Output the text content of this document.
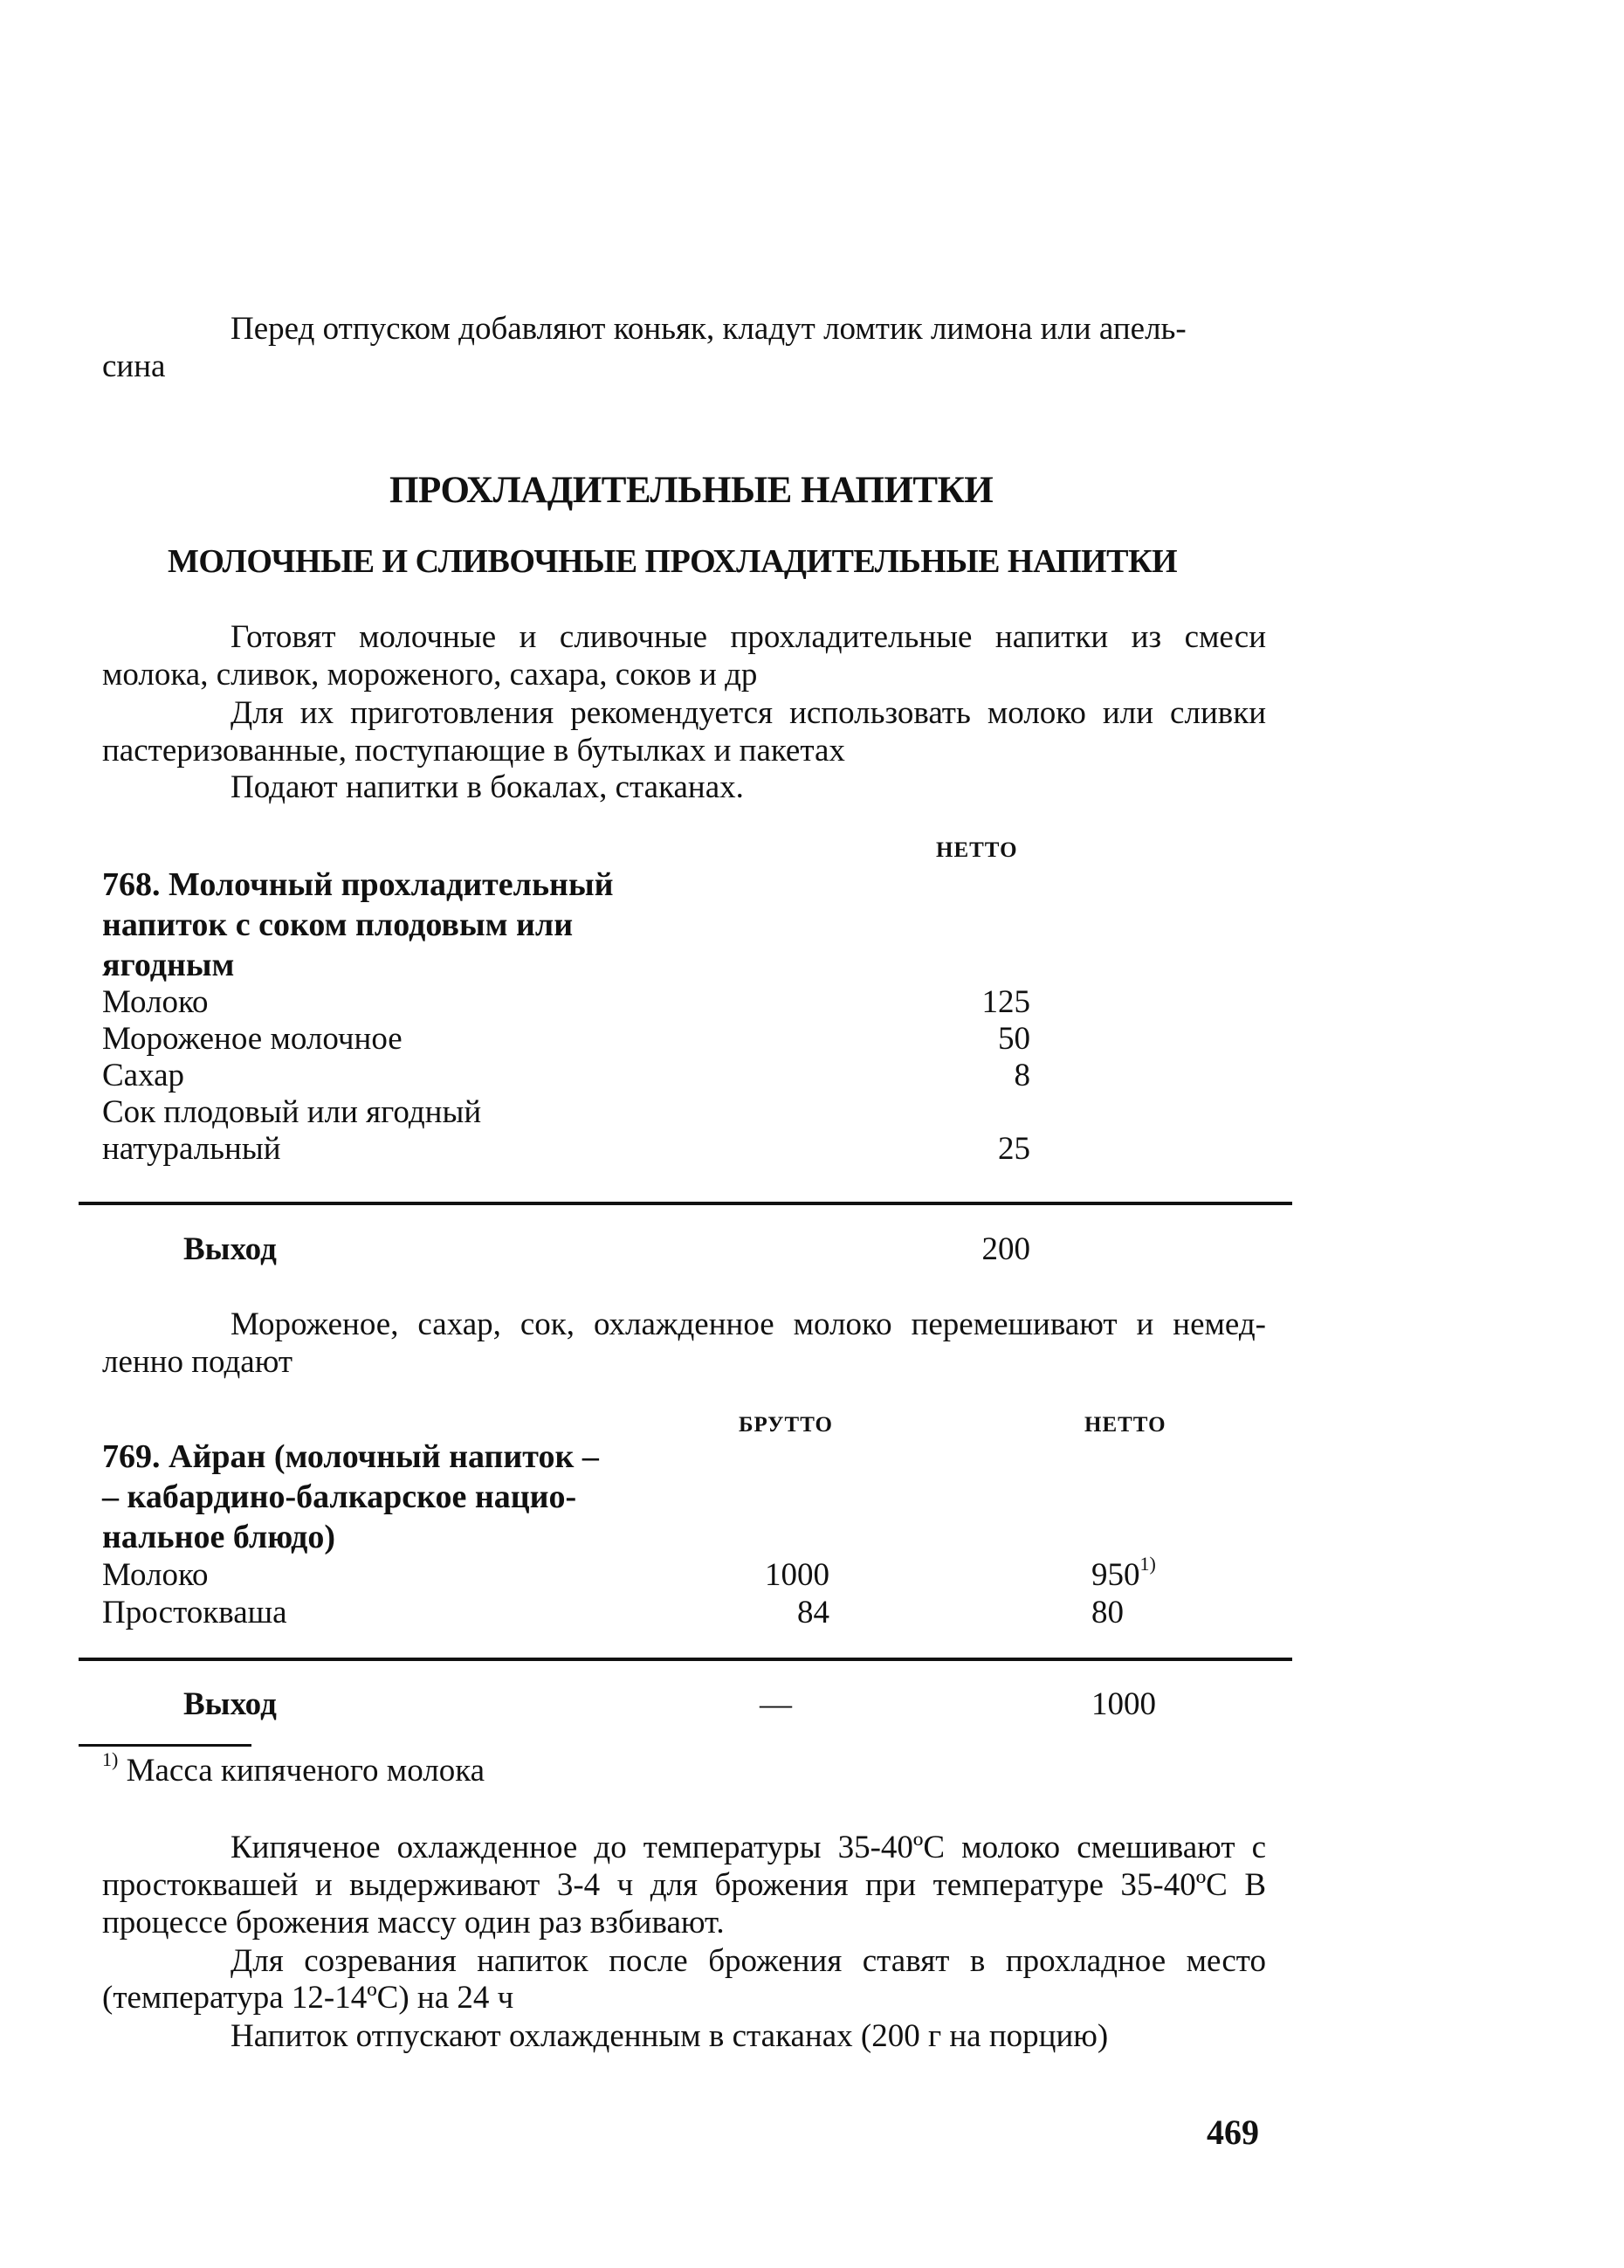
Перед отпуском добавляют коньяк, кладут ломтик лимона или апель-
сина
ПРОХЛАДИТЕЛЬНЫЕ НАПИТКИ
МОЛОЧНЫЕ И СЛИВОЧНЫЕ ПРОХЛАДИТЕЛЬНЫЕ НАПИТКИ
Готовят молочные и сливочные прохладительные напитки из смеси
молока, сливок, мороженого, сахара, соков и др
Для их приготовления рекомендуется использовать молоко или сливки
пастеризованные, поступающие в бутылках и пакетах
Подают напитки в бокалах, стаканах.
НЕТТО
768. Молочный прохладительный
напиток с соком плодовым или
ягодным
Молоко	125
Мороженое молочное	50
Сахар	8
Сок плодовый или ягодный
натуральный	25
Выход	200
Мороженое, сахар, сок, охлажденное молоко перемешивают и немед-
ленно подают
БРУТТО	НЕТТО
769. Айран (молочный напиток –
– кабардино-балкарское нацио-
нальное блюдо)
Молоко	1000	950$^{1)}$
Простокваша	84	80
Выход	—	1000
$^{1)}$ Масса кипяченого молока
Кипяченое охлажденное до температуры 35-40ºС молоко смешивают с
простоквашей и выдерживают 3-4 ч для брожения при температуре 35-40ºС В
процессе брожения массу один раз взбивают.
Для созревания напиток после брожения ставят в прохладное место
(температура 12-14ºС) на 24 ч
Напиток отпускают охлажденным в стаканах (200 г на порцию)
469
